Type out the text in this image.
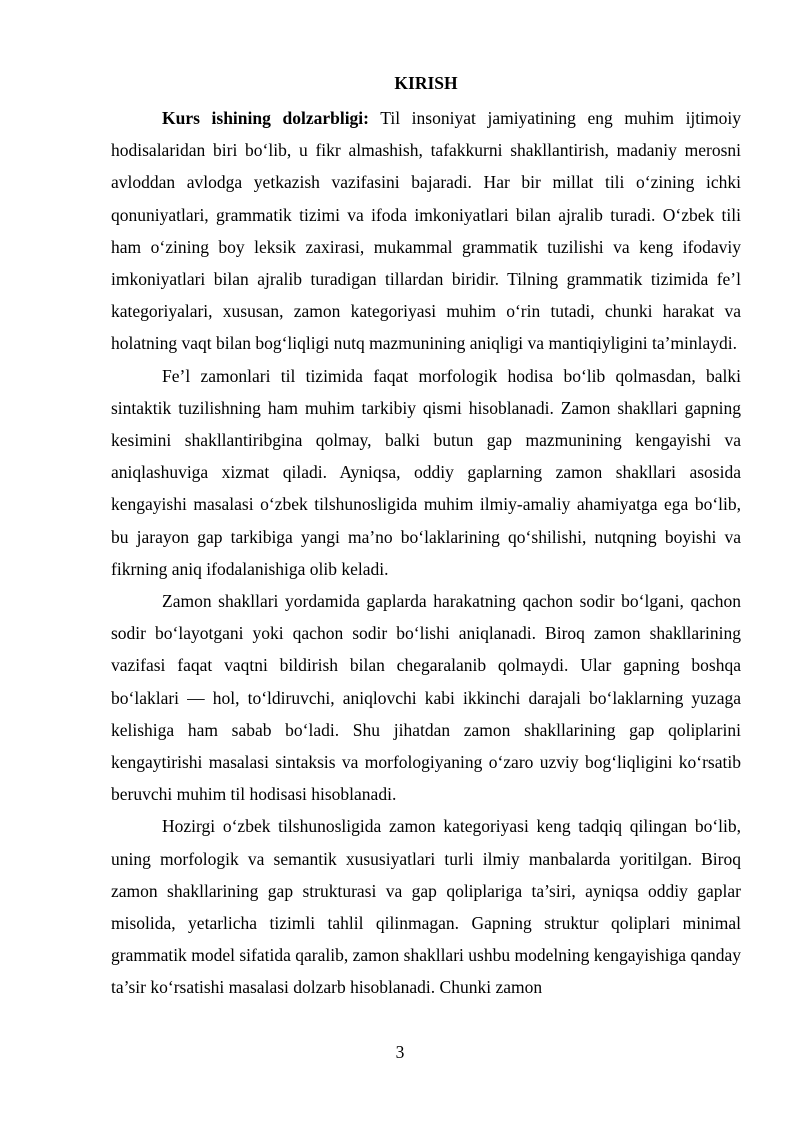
KIRISH

Kurs ishining dolzarbligi: Til insoniyat jamiyatining eng muhim ijtimoiy hodisalaridan biri bo‘lib, u fikr almashish, tafakkurni shakllantirish, madaniy merosni avloddan avlodga yetkazish vazifasini bajaradi. Har bir millat tili o‘zining ichki qonuniyatlari, grammatik tizimi va ifoda imkoniyatlari bilan ajralib turadi. O‘zbek tili ham o‘zining boy leksik zaxirasi, mukammal grammatik tuzilishi va keng ifodaviy imkoniyatlari bilan ajralib turadigan tillardan biridir. Tilning grammatik tizimida fe’l kategoriyalari, xususan, zamon kategoriyasi muhim o‘rin tutadi, chunki harakat va holatning vaqt bilan bog‘liqligi nutq mazmunining aniqligi va mantiqiyligini ta’minlaydi.

Fe’l zamonlari til tizimida faqat morfologik hodisa bo‘lib qolmasdan, balki sintaktik tuzilishning ham muhim tarkibiy qismi hisoblanadi. Zamon shakllari gapning kesimini shakllantiribgina qolmay, balki butun gap mazmunining kengayishi va aniqlashuviga xizmat qiladi. Ayniqsa, oddiy gaplarning zamon shakllari asosida kengayishi masalasi o‘zbek tilshunosligida muhim ilmiy-amaliy ahamiyatga ega bo‘lib, bu jarayon gap tarkibiga yangi ma’no bo‘laklarining qo‘shilishi, nutqning boyishi va fikrning aniq ifodalanishiga olib keladi.

Zamon shakllari yordamida gaplarda harakatning qachon sodir bo‘lgani, qachon sodir bo‘layotgani yoki qachon sodir bo‘lishi aniqlanadi. Biroq zamon shakllarining vazifasi faqat vaqtni bildirish bilan chegaralanib qolmaydi. Ular gapning boshqa bo‘laklari — hol, to‘ldiruvchi, aniqlovchi kabi ikkinchi darajali bo‘laklarning yuzaga kelishiga ham sabab bo‘ladi. Shu jihatdan zamon shakllarining gap qoliplarini kengaytirishi masalasi sintaksis va morfologiyaning o‘zaro uzviy bog‘liqligini ko‘rsatib beruvchi muhim til hodisasi hisoblanadi.

Hozirgi o‘zbek tilshunosligida zamon kategoriyasi keng tadqiq qilingan bo‘lib, uning morfologik va semantik xususiyatlari turli ilmiy manbalarda yoritilgan. Biroq zamon shakllarining gap strukturasi va gap qoliplariga ta’siri, ayniqsa oddiy gaplar misolida, yetarlicha tizimli tahlil qilinmagan. Gapning struktur qoliplari minimal grammatik model sifatida qaralib, zamon shakllari ushbu modelning kengayishiga qanday ta’sir ko‘rsatishi masalasi dolzarb hisoblanadi. Chunki zamon

3
